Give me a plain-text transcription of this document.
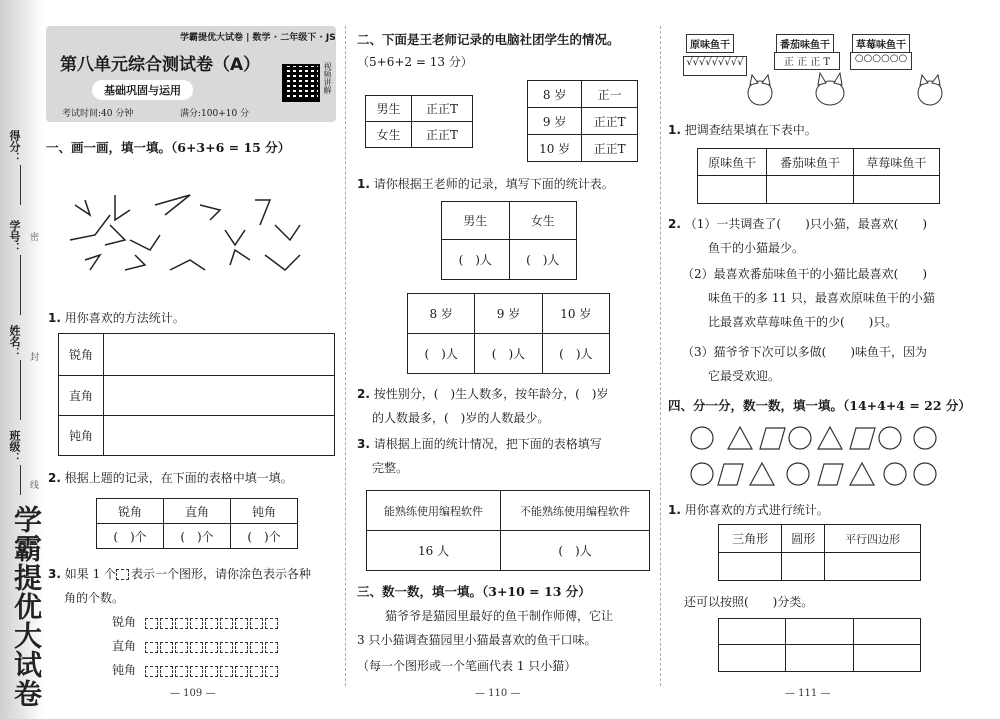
得分：
学号：
姓名：
班级：
密
封
线
学霸提优大试卷
学霸提优大试卷 | 数学 · 二年级下 · JS
第八单元综合测试卷（A）
基础巩固与运用
考试时间:40 分钟	满分:100+10 分
视频讲解
一、画一画，填一填。（6+3+6 = 15 分）
1. 用你喜欢的方法统计。
锐角	
直角	
钝角	
2. 根据上题的记录，在下面的表格中填一填。
锐角	直角	钝角
(　)个	(　)个	(　)个
3. 如果 1 个 表示一个图形，请你涂色表示各种
角的个数。
锐角
直角
钝角
— 109 —
二、下面是王老师记录的电脑社团学生的情况。
（5+6+2 = 13 分）
男生	正正T
女生	正正T
8 岁	正一
9 岁	正正T
10 岁	正正T
1. 请你根据王老师的记录，填写下面的统计表。
男生	女生
(　)人	(　)人
8 岁	9 岁	10 岁
(　)人	(　)人	(　)人
2. 按性别分，(　)生人数多，按年龄分，(　)岁
的人数最多，(　)岁的人数最少。
3. 请根据上面的统计情况，把下面的表格填写
完整。
能熟练使用编程软件	不能熟练使用编程软件
16 人	(　)人
三、数一数，填一填。（3+10 = 13 分）
猫爷爷是猫园里最好的鱼干制作师傅，它让
3 只小猫调查猫园里小猫最喜欢的鱼干口味。
（每一个图形或一个笔画代表 1 只小猫）
— 110 —
原味鱼干
√√√√√√√√√
番茄味鱼干
正 正 正 T
草莓味鱼干
○○○○○○
1. 把调查结果填在下表中。
原味鱼干	番茄味鱼干	草莓味鱼干

2. （1）一共调查了(　　)只小猫，最喜欢(　　)
鱼干的小猫最少。
（2）最喜欢番茄味鱼干的小猫比最喜欢(　　)
味鱼干的多 11 只，最喜欢原味鱼干的小猫
比最喜欢草莓味鱼干的少(　　)只。
（3）猫爷爷下次可以多做(　　)味鱼干，因为
它最受欢迎。
四、分一分，数一数，填一填。（14+4+4 = 22 分）
1. 用你喜欢的方式进行统计。
三角形	圆形	平行四边形

还可以按照(　　)分类。

— 111 —
